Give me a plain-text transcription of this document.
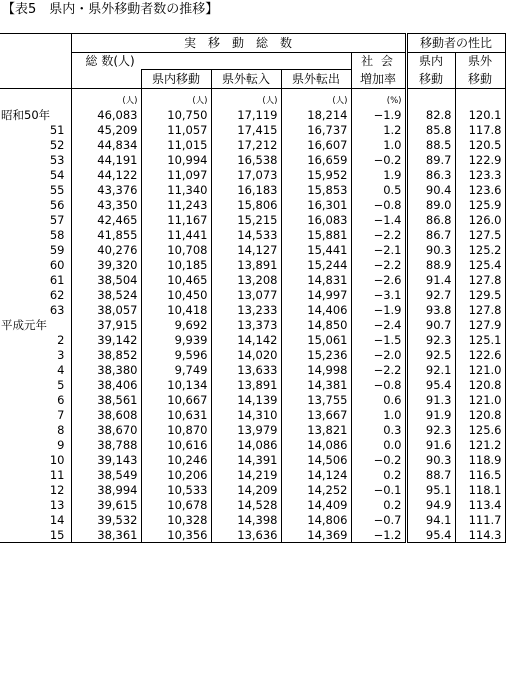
【表5　県内・県外移動者数の推移】
	実　移　動　総　数					移動者の性比	
	総 数(人)				社 会	県内	県外
		県内移動	県外転入	県外転出	増加率	移動	移動
	(人)	(人)	(人)	(人)	(%)		
昭和50年	46,083	10,750	17,119	18,214	−1.9	82.8	120.1
51	45,209	11,057	17,415	16,737	1.2	85.8	117.8
52	44,834	11,015	17,212	16,607	1.0	88.5	120.5
53	44,191	10,994	16,538	16,659	−0.2	89.7	122.9
54	44,122	11,097	17,073	15,952	1.9	86.3	123.3
55	43,376	11,340	16,183	15,853	0.5	90.4	123.6
56	43,350	11,243	15,806	16,301	−0.8	89.0	125.9
57	42,465	11,167	15,215	16,083	−1.4	86.8	126.0
58	41,855	11,441	14,533	15,881	−2.2	86.7	127.5
59	40,276	10,708	14,127	15,441	−2.1	90.3	125.2
60	39,320	10,185	13,891	15,244	−2.2	88.9	125.4
61	38,504	10,465	13,208	14,831	−2.6	91.4	127.8
62	38,524	10,450	13,077	14,997	−3.1	92.7	129.5
63	38,057	10,418	13,233	14,406	−1.9	93.8	127.8
平成元年	37,915	9,692	13,373	14,850	−2.4	90.7	127.9
2	39,142	9,939	14,142	15,061	−1.5	92.3	125.1
3	38,852	9,596	14,020	15,236	−2.0	92.5	122.6
4	38,380	9,749	13,633	14,998	−2.2	92.1	121.0
5	38,406	10,134	13,891	14,381	−0.8	95.4	120.8
6	38,561	10,667	14,139	13,755	0.6	91.3	121.0
7	38,608	10,631	14,310	13,667	1.0	91.9	120.8
8	38,670	10,870	13,979	13,821	0.3	92.3	125.6
9	38,788	10,616	14,086	14,086	0.0	91.6	121.2
10	39,143	10,246	14,391	14,506	−0.2	90.3	118.9
11	38,549	10,206	14,219	14,124	0.2	88.7	116.5
12	38,994	10,533	14,209	14,252	−0.1	95.1	118.1
13	39,615	10,678	14,528	14,409	0.2	94.9	113.4
14	39,532	10,328	14,398	14,806	−0.7	94.1	111.7
15	38,361	10,356	13,636	14,369	−1.2	95.4	114.3
